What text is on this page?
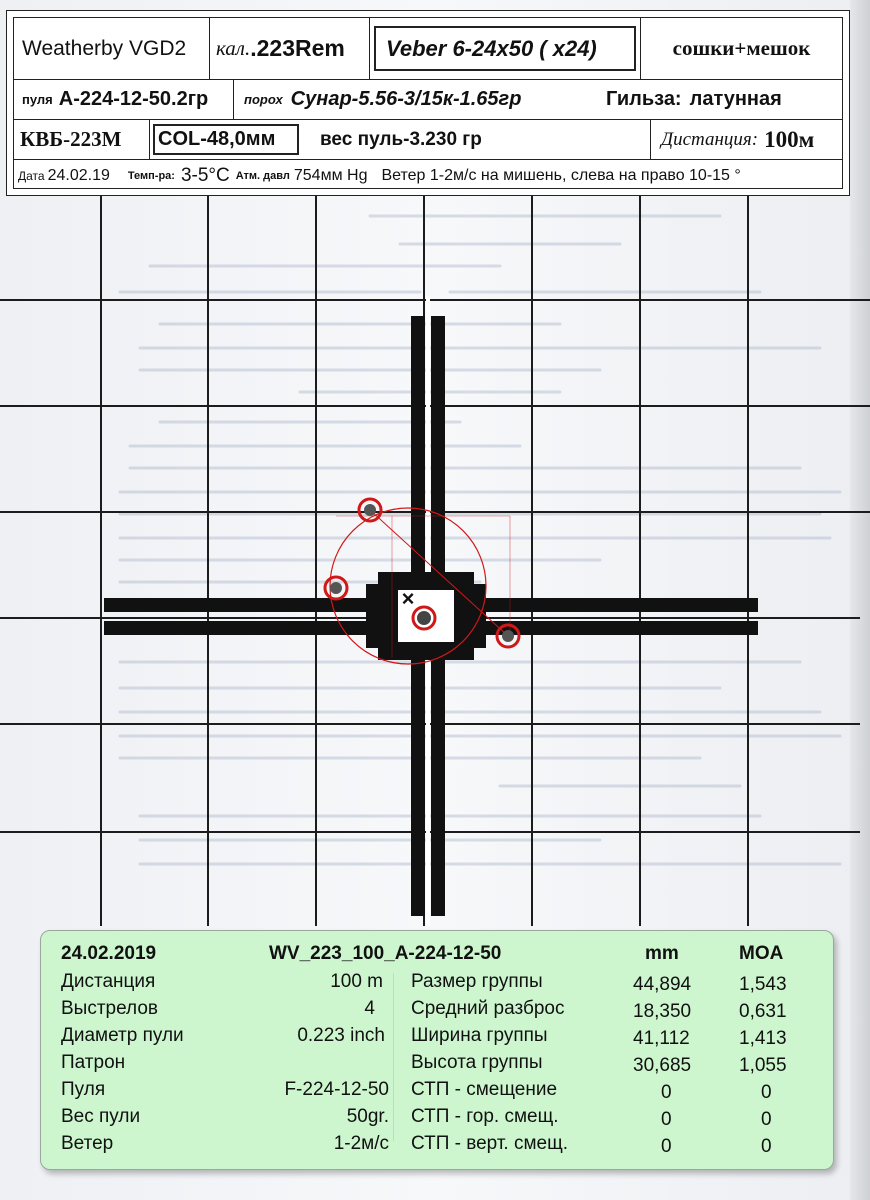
Weatherby VGD2 кал. .223Rem Veber 6-24x50 ( x24)	сошки+мешок
пуля А-224-12-50.2гр	порох Сунар-5.56-3/15к-1.65гр	Гильза: латунная
КВБ-223М COL-48,0мм вес пуль-3.230 гр	Дистанция: 100м
Дата 24.02.19 Темп-ра: 3-5°C Атм. давл 754мм Hg Ветер 1-2м/с на мишень, слева на право 10-15 °
×
24.02.2019	WV_223_100_A-224-12-50	mm	MOA
Дистанция	100 m
Выстрелов	4
Диаметр пули	0.223 inch
Патрон
Пуля	F-224-12-50
Вес пули	50gr.
Ветер	1-2м/с
Размер группы	44,894	1,543
Средний разброс	18,350	0,631
Ширина группы	41,112	1,413
Высота группы	30,685	1,055
СТП - смещение	0	0
СТП - гор. смещ.	0	0
СТП - верт. смещ.	0	0
